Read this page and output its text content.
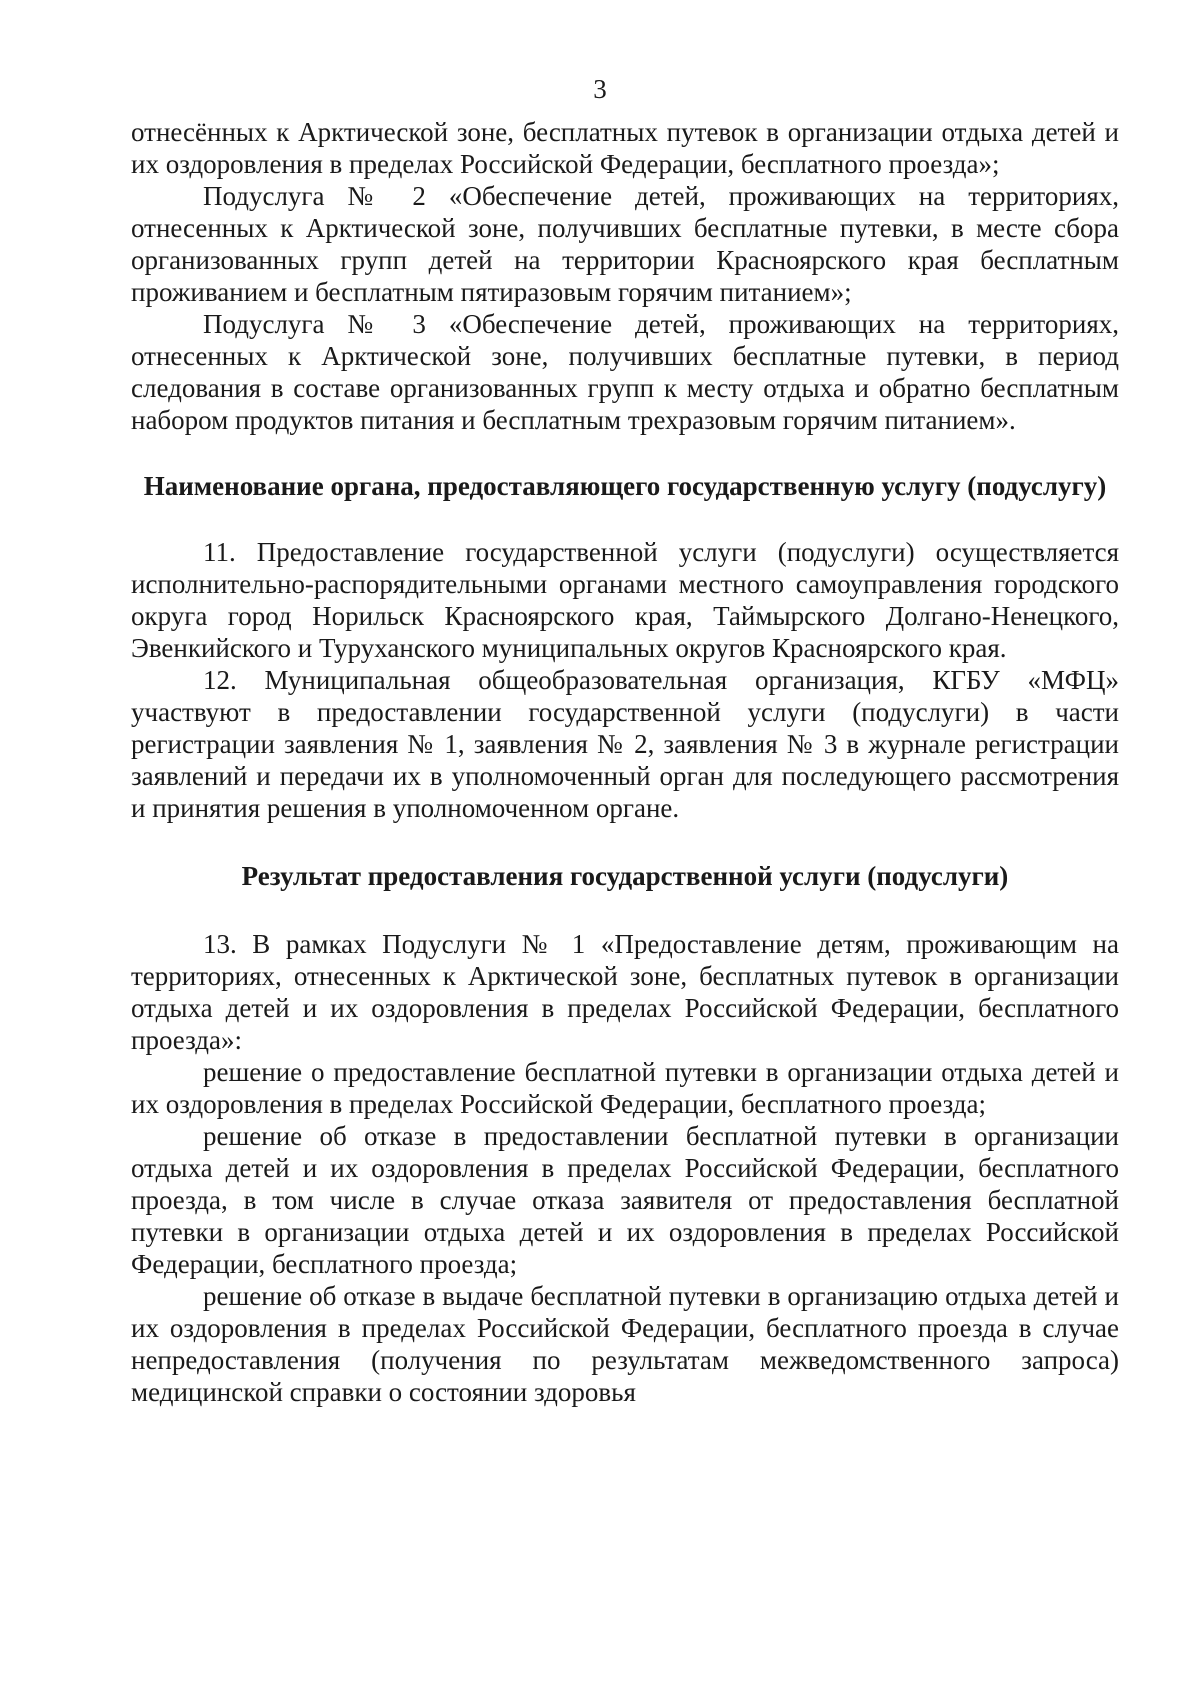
3

отнесённых к Арктической зоне, бесплатных путевок в организации отдыха детей и их оздоровления в пределах Российской Федерации, бесплатного проезда»;

Подуслуга № 2 «Обеспечение детей, проживающих на территориях, отнесенных к Арктической зоне, получивших бесплатные путевки, в месте сбора организованных групп детей на территории Красноярского края бесплатным проживанием и бесплатным пятиразовым горячим питанием»;

Подуслуга № 3 «Обеспечение детей, проживающих на территориях, отнесенных к Арктической зоне, получивших бесплатные путевки, в период следования в составе организованных групп к месту отдыха и обратно бесплатным набором продуктов питания и бесплатным трехразовым горячим питанием».

Наименование органа, предоставляющего государственную услугу (подуслугу)

11. Предоставление государственной услуги (подуслуги) осуществляется исполнительно-распорядительными органами местного самоуправления городского округа город Норильск Красноярского края, Таймырского Долгано-Ненецкого, Эвенкийского и Туруханского муниципальных округов Красноярского края.

12. Муниципальная общеобразовательная организация, КГБУ «МФЦ» участвуют в предоставлении государственной услуги (подуслуги) в части регистрации заявления № 1, заявления № 2, заявления № 3 в журнале регистрации заявлений и передачи их в уполномоченный орган для последующего рассмотрения и принятия решения в уполномоченном органе.

Результат предоставления государственной услуги (подуслуги)

13. В рамках Подуслуги № 1 «Предоставление детям, проживающим на территориях, отнесенных к Арктической зоне, бесплатных путевок в организации отдыха детей и их оздоровления в пределах Российской Федерации, бесплатного проезда»:

решение о предоставление бесплатной путевки в организации отдыха детей и их оздоровления в пределах Российской Федерации, бесплатного проезда;

решение об отказе в предоставлении бесплатной путевки в организации отдыха детей и их оздоровления в пределах Российской Федерации, бесплатного проезда, в том числе в случае отказа заявителя от предоставления бесплатной путевки в организации отдыха детей и их оздоровления в пределах Российской Федерации, бесплатного проезда;

решение об отказе в выдаче бесплатной путевки в организацию отдыха детей и их оздоровления в пределах Российской Федерации, бесплатного проезда в случае непредоставления (получения по результатам межведомственного запроса) медицинской справки о состоянии здоровья
